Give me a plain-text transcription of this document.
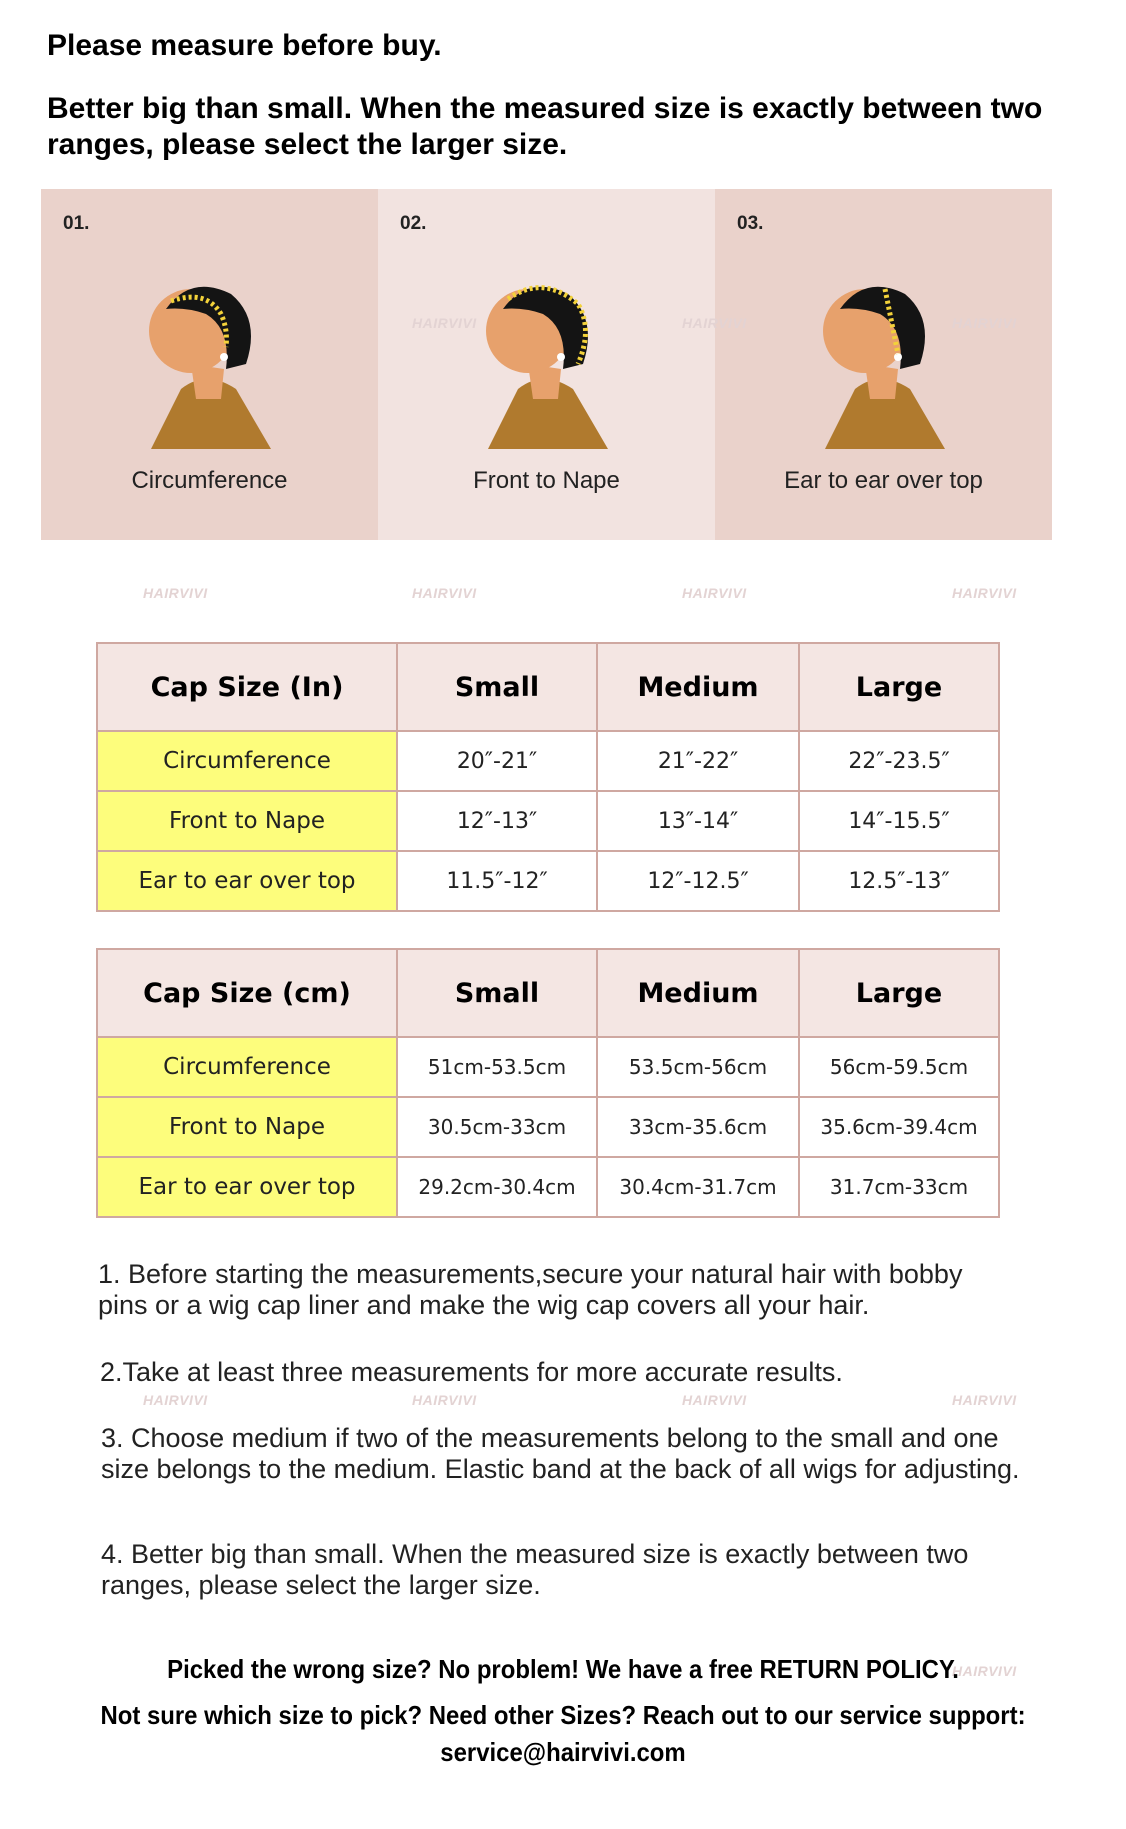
Please measure before buy.

Better big than small. When the measured size is exactly between two ranges, please select the larger size.

01.
Circumference
02.
Front to Nape
03.
Ear to ear over top
HAIRVIVI	HAIRVIVI	HAIRVIVI
HAIRVIVI	HAIRVIVI	HAIRVIVI	HAIRVIVI
HAIRVIVI	HAIRVIVI	HAIRVIVI	HAIRVIVI
HAIRVIVI
Cap Size (In)	Small	Medium	Large
Circumference	20″-21″	21″-22″	22″-23.5″
Front to Nape	12″-13″	13″-14″	14″-15.5″
Ear to ear over top	11.5″-12″	12″-12.5″	12.5″-13″
Cap Size (cm)	Small	Medium	Large
Circumference	51cm-53.5cm	53.5cm-56cm	56cm-59.5cm
Front to Nape	30.5cm-33cm	33cm-35.6cm	35.6cm-39.4cm
Ear to ear over top	29.2cm-30.4cm	30.4cm-31.7cm	31.7cm-33cm

1. Before starting the measurements,secure your natural hair with bobby pins or a wig cap liner and make the wig cap covers all your hair.

2.Take at least three measurements for more accurate results.

3. Choose medium if two of the measurements belong to the small and one size belongs to the medium. Elastic band at the back of all wigs for adjusting.

4. Better big than small. When the measured size is exactly between two ranges, please select the larger size.

Picked the wrong size? No problem! We have a free RETURN POLICY.
Not sure which size to pick? Need other Sizes? Reach out to our service support:
service@hairvivi.com
